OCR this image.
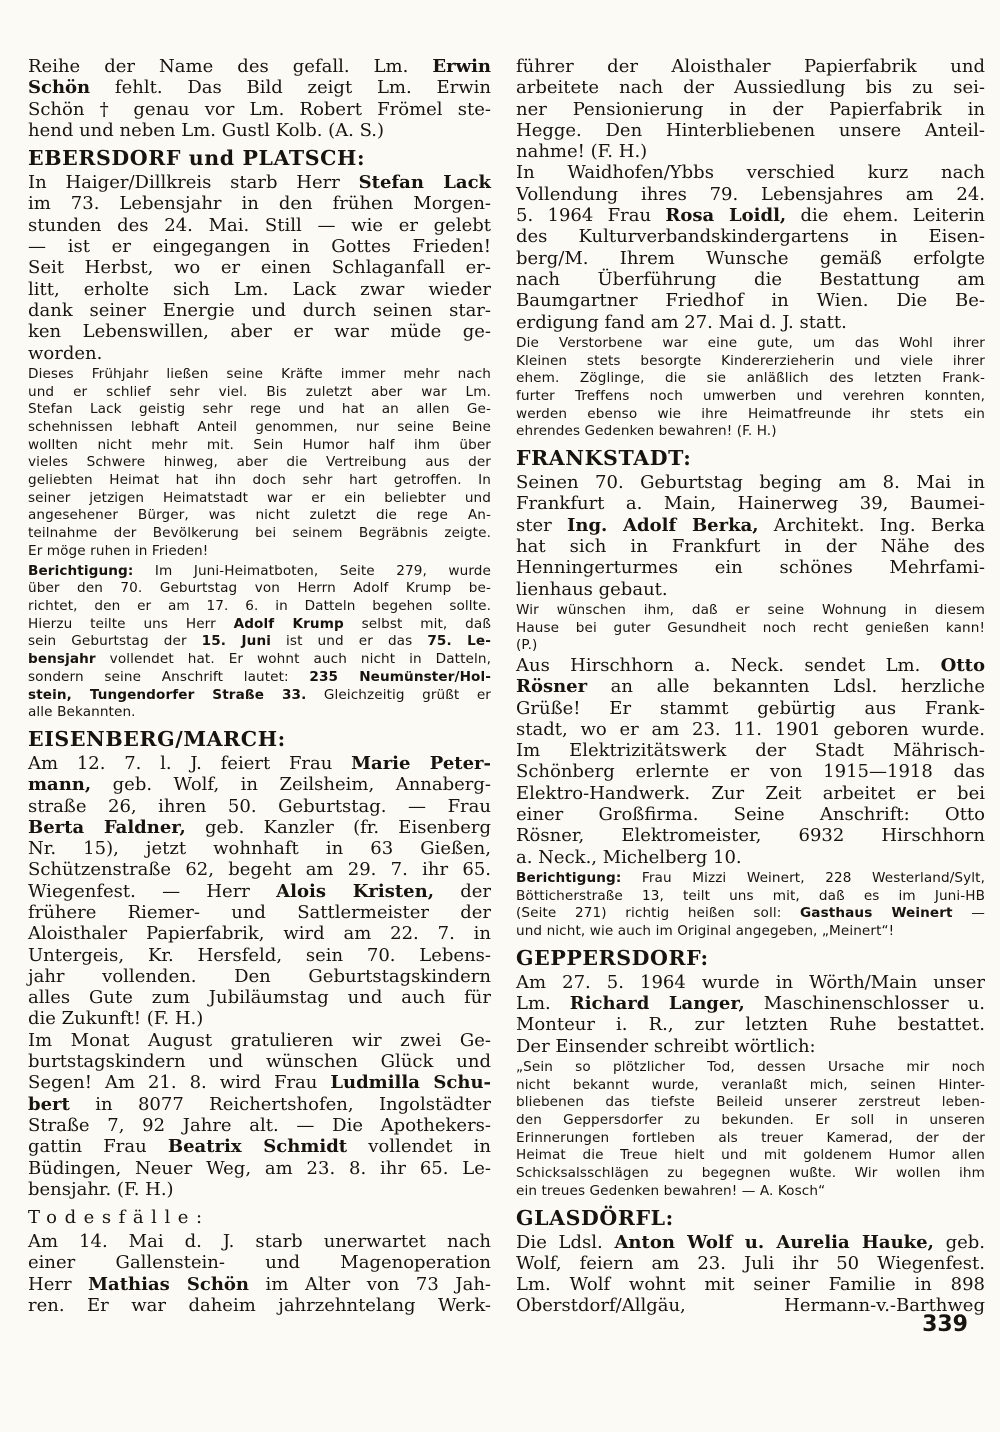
Reihe der Name des gefall. Lm. Erwin
Schön fehlt. Das Bild zeigt Lm. Erwin
Schön † genau vor Lm. Robert Frömel ste-
hend und neben Lm. Gustl Kolb. (A. S.)
EBERSDORF und PLATSCH:
In Haiger/Dillkreis starb Herr Stefan Lack
im 73. Lebensjahr in den frühen Morgen-
stunden des 24. Mai. Still — wie er gelebt
— ist er eingegangen in Gottes Frieden!
Seit Herbst, wo er einen Schlaganfall er-
litt, erholte sich Lm. Lack zwar wieder
dank seiner Energie und durch seinen star-
ken Lebenswillen, aber er war müde ge-
worden.
Dieses Frühjahr ließen seine Kräfte immer mehr nach
und er schlief sehr viel. Bis zuletzt aber war Lm.
Stefan Lack geistig sehr rege und hat an allen Ge-
schehnissen lebhaft Anteil genommen, nur seine Beine
wollten nicht mehr mit. Sein Humor half ihm über
vieles Schwere hinweg, aber die Vertreibung aus der
geliebten Heimat hat ihn doch sehr hart getroffen. In
seiner jetzigen Heimatstadt war er ein beliebter und
angesehener Bürger, was nicht zuletzt die rege An-
teilnahme der Bevölkerung bei seinem Begräbnis zeigte.
Er möge ruhen in Frieden!
Berichtigung: Im Juni-Heimatboten, Seite 279, wurde
über den 70. Geburtstag von Herrn Adolf Krump be-
richtet, den er am 17. 6. in Datteln begehen sollte.
Hierzu teilte uns Herr Adolf Krump selbst mit, daß
sein Geburtstag der 15. Juni ist und er das 75. Le-
bensjahr vollendet hat. Er wohnt auch nicht in Datteln,
sondern seine Anschrift lautet: 235 Neumünster/Hol-
stein, Tungendorfer Straße 33. Gleichzeitig grüßt er
alle Bekannten.
EISENBERG/MARCH:
Am 12. 7. l. J. feiert Frau Marie Peter-
mann, geb. Wolf, in Zeilsheim, Annaberg-
straße 26, ihren 50. Geburtstag. — Frau
Berta Faldner, geb. Kanzler (fr. Eisenberg
Nr. 15), jetzt wohnhaft in 63 Gießen,
Schützenstraße 62, begeht am 29. 7. ihr 65.
Wiegenfest. — Herr Alois Kristen, der
frühere Riemer- und Sattlermeister der
Aloisthaler Papierfabrik, wird am 22. 7. in
Untergeis, Kr. Hersfeld, sein 70. Lebens-
jahr vollenden. Den Geburtstagskindern
alles Gute zum Jubiläumstag und auch für
die Zukunft! (F. H.)
Im Monat August gratulieren wir zwei Ge-
burtstagskindern und wünschen Glück und
Segen! Am 21. 8. wird Frau Ludmilla Schu-
bert in 8077 Reichertshofen, Ingolstädter
Straße 7, 92 Jahre alt. — Die Apothekers-
gattin Frau Beatrix Schmidt vollendet in
Büdingen, Neuer Weg, am 23. 8. ihr 65. Le-
bensjahr. (F. H.)
Todesfälle:
Am 14. Mai d. J. starb unerwartet nach
einer Gallenstein- und Magenoperation
Herr Mathias Schön im Alter von 73 Jah-
ren. Er war daheim jahrzehntelang Werk-
führer der Aloisthaler Papierfabrik und
arbeitete nach der Aussiedlung bis zu sei-
ner Pensionierung in der Papierfabrik in
Hegge. Den Hinterbliebenen unsere Anteil-
nahme! (F. H.)
In Waidhofen/Ybbs verschied kurz nach
Vollendung ihres 79. Lebensjahres am 24.
5. 1964 Frau Rosa Loidl, die ehem. Leiterin
des Kulturverbandskindergartens in Eisen-
berg/M. Ihrem Wunsche gemäß erfolgte
nach Überführung die Bestattung am
Baumgartner Friedhof in Wien. Die Be-
erdigung fand am 27. Mai d. J. statt.
Die Verstorbene war eine gute, um das Wohl ihrer
Kleinen stets besorgte Kindererzieherin und viele ihrer
ehem. Zöglinge, die sie anläßlich des letzten Frank-
furter Treffens noch umwerben und verehren konnten,
werden ebenso wie ihre Heimatfreunde ihr stets ein
ehrendes Gedenken bewahren! (F. H.)
FRANKSTADT:
Seinen 70. Geburtstag beging am 8. Mai in
Frankfurt a. Main, Hainerweg 39, Baumei-
ster Ing. Adolf Berka, Architekt. Ing. Berka
hat sich in Frankfurt in der Nähe des
Henningerturmes ein schönes Mehrfami-
lienhaus gebaut.
Wir wünschen ihm, daß er seine Wohnung in diesem
Hause bei guter Gesundheit noch recht genießen kann!
(P.)
Aus Hirschhorn a. Neck. sendet Lm. Otto
Rösner an alle bekannten Ldsl. herzliche
Grüße! Er stammt gebürtig aus Frank-
stadt, wo er am 23. 11. 1901 geboren wurde.
Im Elektrizitätswerk der Stadt Mährisch-
Schönberg erlernte er von 1915—1918 das
Elektro-Handwerk. Zur Zeit arbeitet er bei
einer Großfirma. Seine Anschrift: Otto
Rösner, Elektromeister, 6932 Hirschhorn
a. Neck., Michelberg 10.
Berichtigung: Frau Mizzi Weinert, 228 Westerland/Sylt,
Bötticherstraße 13, teilt uns mit, daß es im Juni-HB
(Seite 271) richtig heißen soll: Gasthaus Weinert —
und nicht, wie auch im Original angegeben, „Meinert“!
GEPPERSDORF:
Am 27. 5. 1964 wurde in Wörth/Main unser
Lm. Richard Langer, Maschinenschlosser u.
Monteur i. R., zur letzten Ruhe bestattet.
Der Einsender schreibt wörtlich:
„Sein so plötzlicher Tod, dessen Ursache mir noch
nicht bekannt wurde, veranlaßt mich, seinen Hinter-
bliebenen das tiefste Beileid unserer zerstreut leben-
den Geppersdorfer zu bekunden. Er soll in unseren
Erinnerungen fortleben als treuer Kamerad, der der
Heimat die Treue hielt und mit goldenem Humor allen
Schicksalsschlägen zu begegnen wußte. Wir wollen ihm
ein treues Gedenken bewahren! — A. Kosch“
GLASDÖRFL:
Die Ldsl. Anton Wolf u. Aurelia Hauke, geb.
Wolf, feiern am 23. Juli ihr 50 Wiegenfest.
Lm. Wolf wohnt mit seiner Familie in 898
Oberstdorf/Allgäu, Hermann-v.-Barthweg
339
